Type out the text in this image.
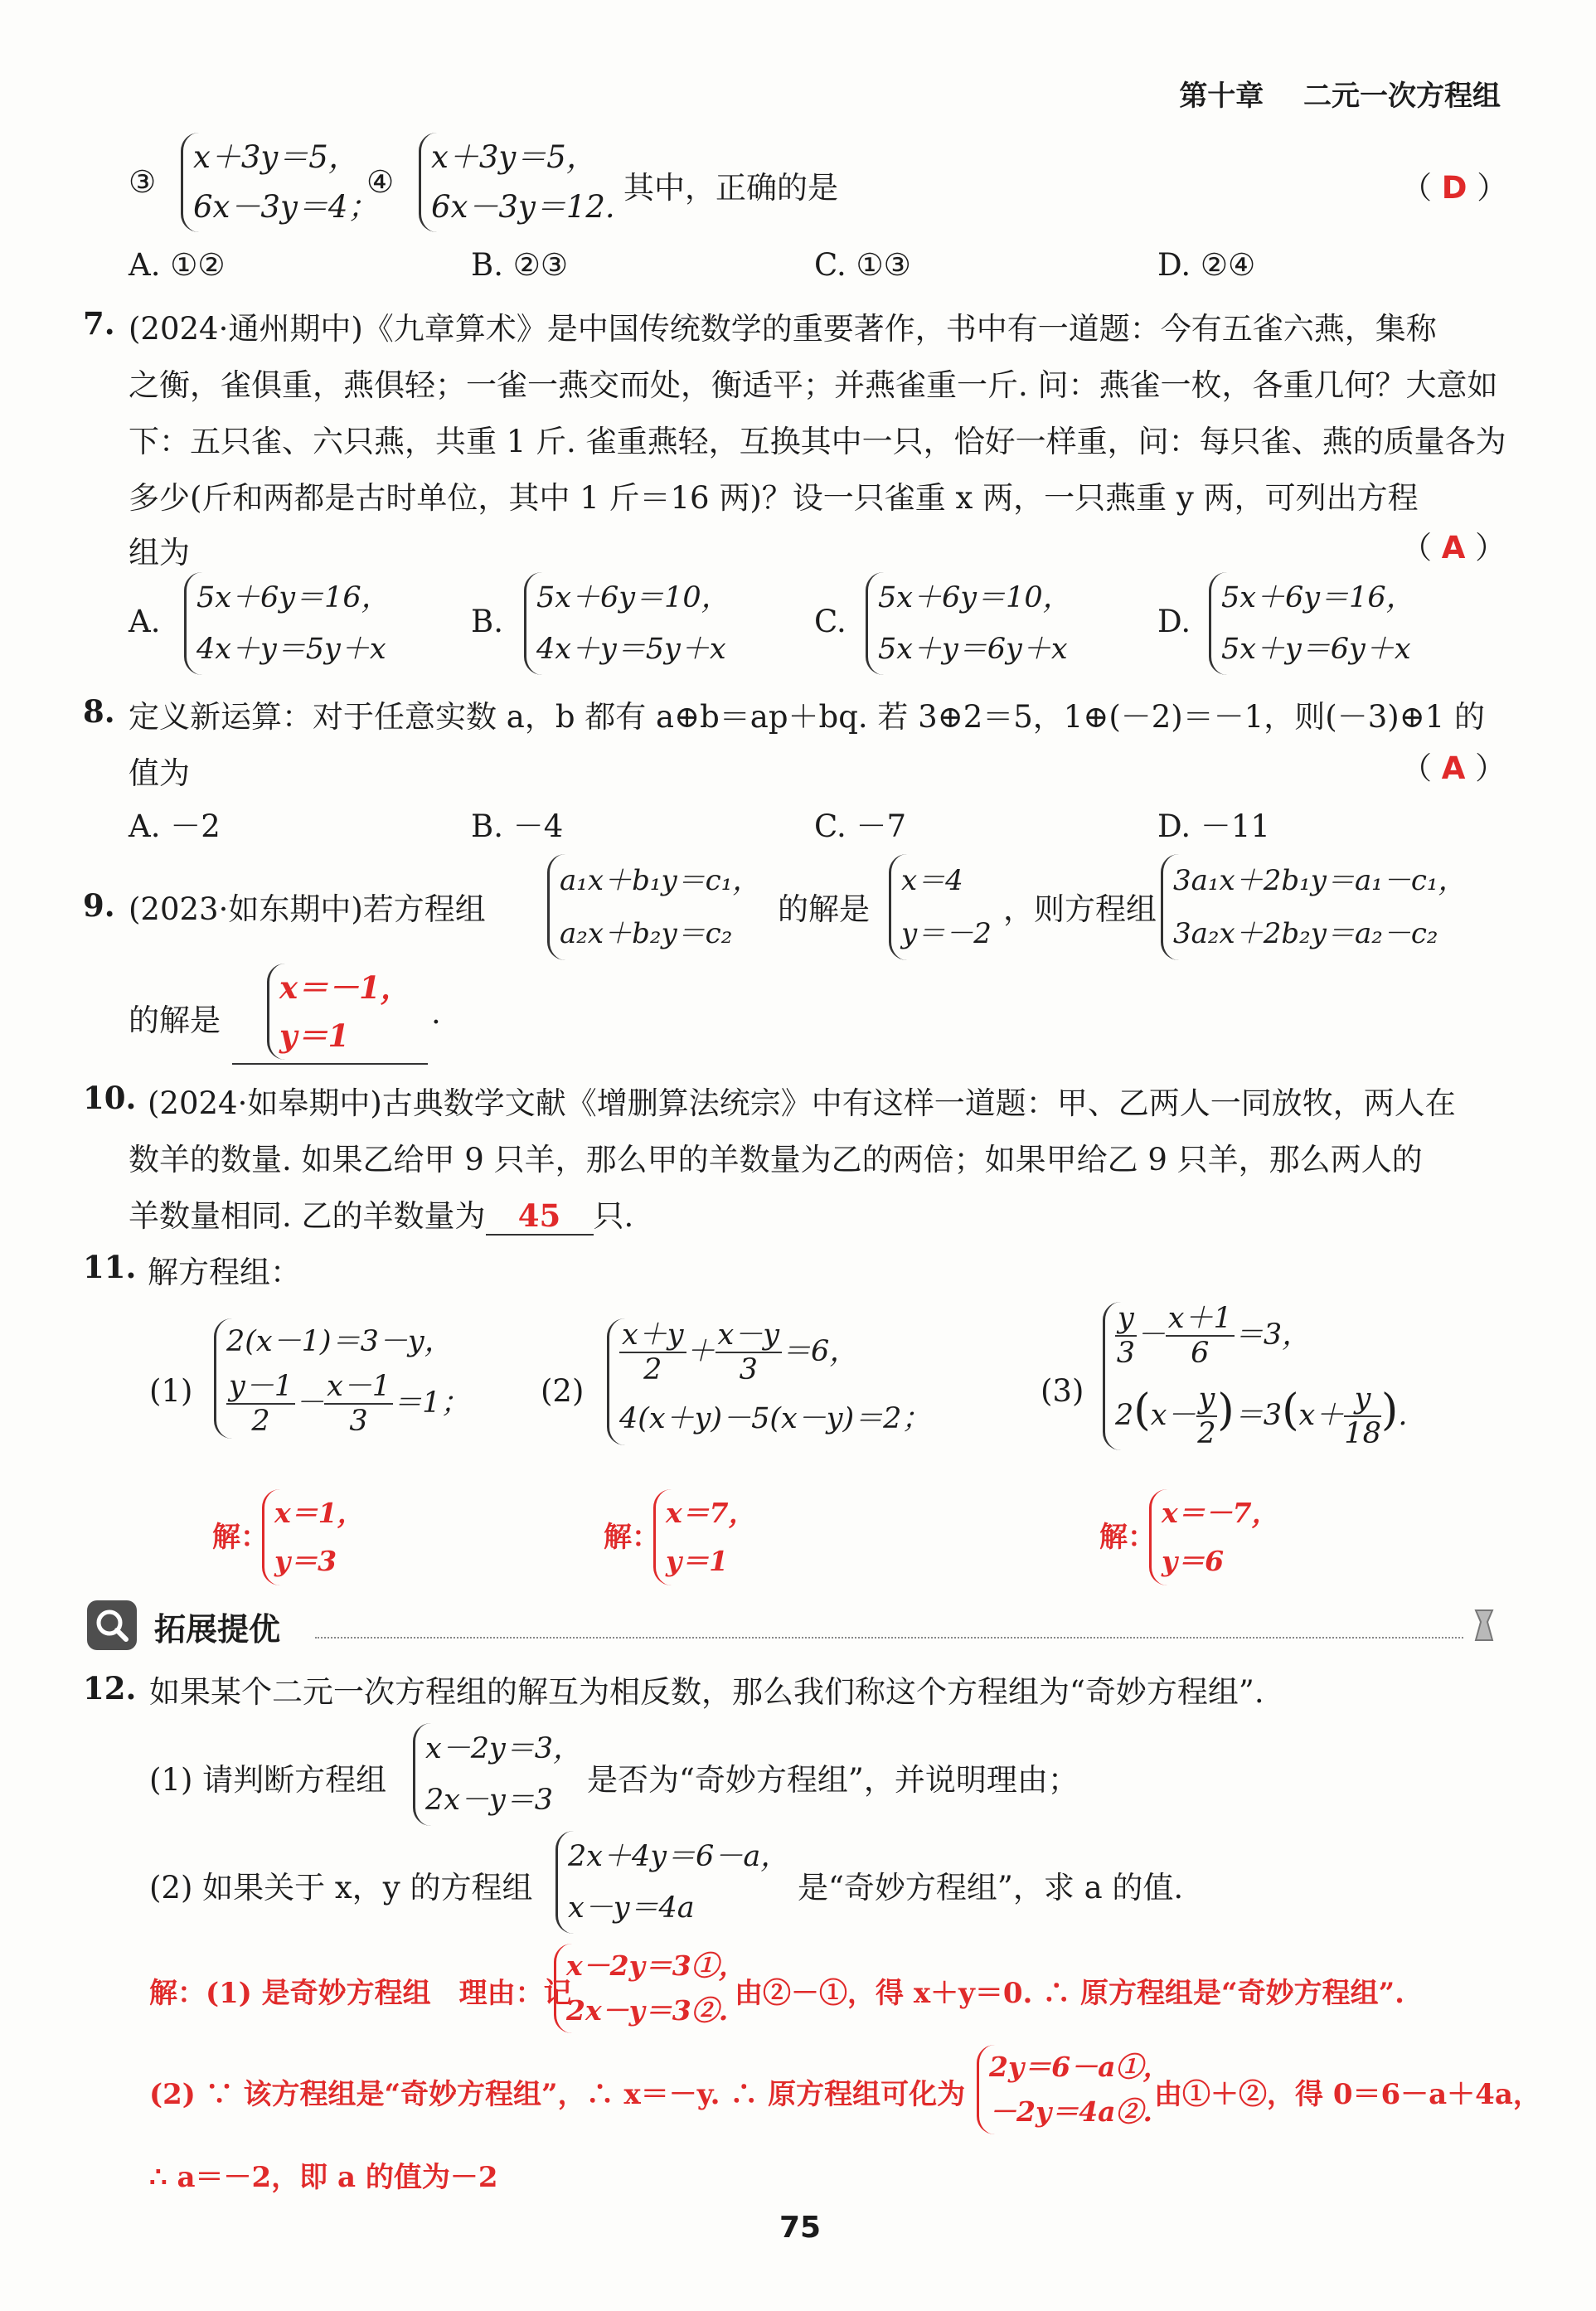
第十章 二元一次方程组
③
x＋3y＝5，
6x－3y＝4；
④
x＋3y＝5，
6x－3y＝12.
其中，正确的是	（ D ）
A. ①②	B. ②③	C. ①③	D. ②④
7. (2024·通州期中)《九章算术》是中国传统数学的重要著作，书中有一道题：今有五雀六燕，集称
之衡，雀俱重，燕俱轻；一雀一燕交而处，衡适平；并燕雀重一斤. 问：燕雀一枚，各重几何？大意如
下：五只雀、六只燕，共重 1 斤. 雀重燕轻，互换其中一只，恰好一样重，问：每只雀、燕的质量各为
多少(斤和两都是古时单位，其中 1 斤＝16 两)？设一只雀重 x 两，一只燕重 y 两，可列出方程
组为	（ A ）
A.
5x＋6y＝16，
4x＋y＝5y＋x
B.
5x＋6y＝10，
4x＋y＝5y＋x
C.
5x＋6y＝10，
5x＋y＝6y＋x
D.
5x＋6y＝16，
5x＋y＝6y＋x
8. 定义新运算：对于任意实数 a，b 都有 a⊕b＝ap＋bq. 若 3⊕2＝5，1⊕(－2)＝－1，则(－3)⊕1 的
值为	（ A ）
A. －2	B. －4	C. －7	D. －11
9. (2023·如东期中)若方程组
a₁x＋b₁y＝c₁，
a₂x＋b₂y＝c₂
的解是
x＝4
y＝－2
，则方程组
3a₁x＋2b₁y＝a₁－c₁，
3a₂x＋2b₂y＝a₂－c₂
的解是
x＝－1，
y＝1
.
10. (2024·如皋期中)古典数学文献《增删算法统宗》中有这样一道题：甲、乙两人一同放牧，两人在
数羊的数量. 如果乙给甲 9 只羊，那么甲的羊数量为乙的两倍；如果甲给乙 9 只羊，那么两人的
羊数量相同. 乙的羊数量为 45 只.
11. 解方程组：
(1)
2(x－1)＝3－y，
$\frac{y-1}{2} - \frac{x-1}{3} =1$； (2)
$\frac{x+y}{2} + \frac{x-y}{3} =6$，
4(x＋y)－5(x－y)＝2；
(3)
$\frac{y}{3} - \frac{x+1}{6} =3$，
$2(x- \frac{y}{2} )=3(x+ \frac{y}{18}$ ).
解：
x＝1，
y＝3
解：
x＝7，
y＝1
解：
x＝－7，
y＝6
拓展提优
12. 如果某个二元一次方程组的解互为相反数，那么我们称这个方程组为“奇妙方程组”.
(1) 请判断方程组
x－2y＝3，
2x－y＝3
是否为“奇妙方程组”，并说明理由；
(2) 如果关于 x，y 的方程组
2x＋4y＝6－a，
x－y＝4a
是“奇妙方程组”，求 a 的值.
解：(1) 是奇妙方程组　理由：记
x－2y＝3①，
2x－y＝3②.
由②－①，得 x＋y＝0. ∴ 原方程组是“奇妙方程组”.
(2) ∵ 该方程组是“奇妙方程组”，∴ x＝－y. ∴ 原方程组可化为
2y＝6－a①，
－2y＝4a②.
由①＋②，得 0＝6－a＋4a，
∴ a＝－2，即 a 的值为－2
75
